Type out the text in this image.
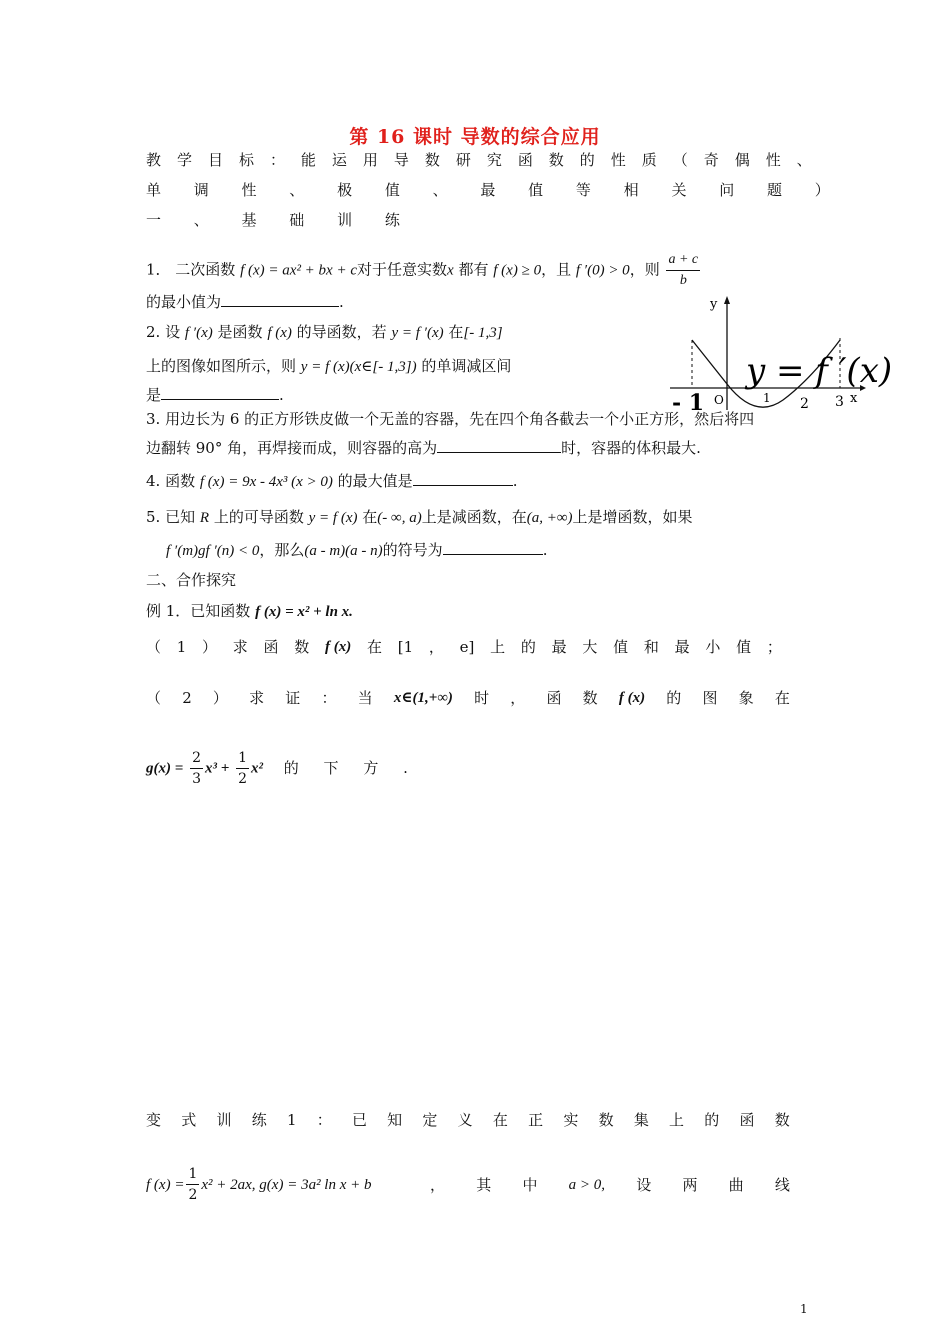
第 16 课时 导数的综合应用
教 学 目 标 ： 能 运 用 导 数 研 究 函 数 的 性 质 （ 奇 偶 性 、
单 调 性 、 极 值 、 最 值 等 相 关 问 题 ）
一 、 基 础 训 练
1． 二次函数 f (x) = ax² + bx + c对于任意实数x 都有 f (x) ≥ 0，且 f ′(0) > 0，则 $\frac{a + c}{b}$
的最小值为	.
2. 设 f ′(x) 是函数 f (x) 的导函数，若 y = f ′(x) 在[- 1,3]
上的图像如图所示，则 y = f (x)(x∈[- 1,3]) 的单调减区间
是	.
y
x
O
- 1	1 2 3
y = f ′(x)
3. 用边长为 6 的正方形铁皮做一个无盖的容器，先在四个角各截去一个小正方形，然后将四
边翻转 90° 角，再焊接而成，则容器的高为	时，容器的体积最大.
4. 函数 f (x) = 9x - 4x³ (x > 0) 的最大值是	.
5. 已知 R 上的可导函数 y = f (x) 在(- ∞, a)上是减函数，在(a, +∞)上是增函数，如果
f ′(m)gf ′(n) < 0，那么(a - m)(a - n)的符号为	.
二、合作探究
例 1．已知函数 f (x) = x² + ln x.
（ 1 ） 求 函 数 f (x) 在 [1 ， e] 上 的 最 大 值 和 最 小 值 ；
（ 2 ） 求 证 ： 当 x∈(1,+∞) 时 ， 函 数 f (x) 的 图 象 在
$g(x) = \frac{2}{3} x^3 + \frac{1}{2} x^2$ 的 下 方 .
变 式 训 练 1 ： 已 知 定 义 在 正 实 数 集 上 的 函 数
f $(x) = \frac{1}{2} x^2 + 2ax$, g(x) = 3a² ln x + b	， 其 中 a > 0, 设 两 曲 线
1
